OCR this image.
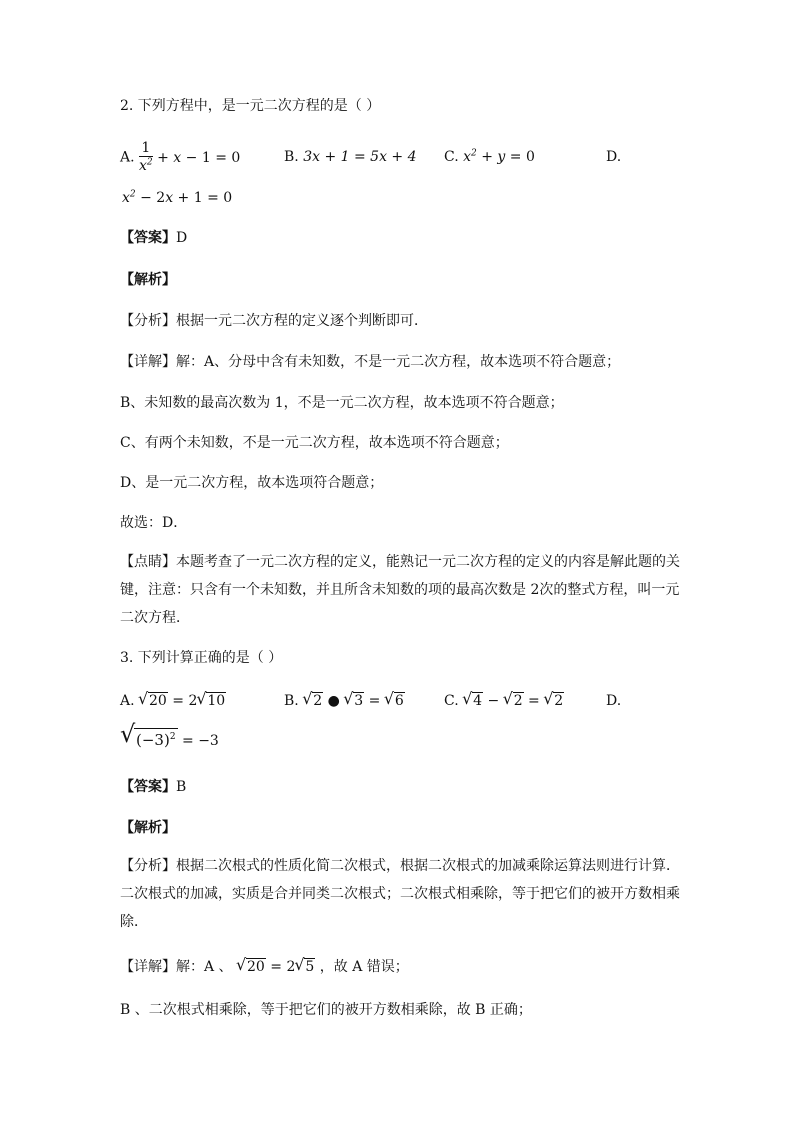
2. 下列方程中，是一元二次方程的是（ ）
A. $\frac{1}{x^2} + x - 1 = 0$	B. 3x + 1 = 5x + 4 C. $x^2 + y = 0$	D.
$x^2 - 2x + 1 = 0$
【答案】D
【解析】
【分析】根据一元二次方程的定义逐个判断即可．
【详解】解：A、分母中含有未知数，不是一元二次方程，故本选项不符合题意；
B、未知数的最高次数为 1，不是一元二次方程，故本选项不符合题意；
C、有两个未知数，不是一元二次方程，故本选项不符合题意；
D、是一元二次方程，故本选项符合题意；
故选：D．
【点睛】本题考查了一元二次方程的定义，能熟记一元二次方程的定义的内容是解此题的关键，注意：只含有一个未知数，并且所含未知数的项的最高次数是 2次的整式方程，叫一元二次方程．
3. 下列计算正确的是（ ）
A. √ 20 = 2 √ 10	B. √ 2 ● √ 3 = √ 6	C. √ 4 − √ 2 = √ 2	D.
√ $(-3)^2 = -3$
【答案】B
【解析】
【分析】根据二次根式的性质化简二次根式，根据二次根式的加减乘除运算法则进行计算．二次根式的加减，实质是合并同类二次根式；二次根式相乘除，等于把它们的被开方数相乘除．
【详解】解：A 、 √ 20 = 2 √ 5 ，故 A 错误；
B 、二次根式相乘除，等于把它们的被开方数相乘除，故 B 正确；
